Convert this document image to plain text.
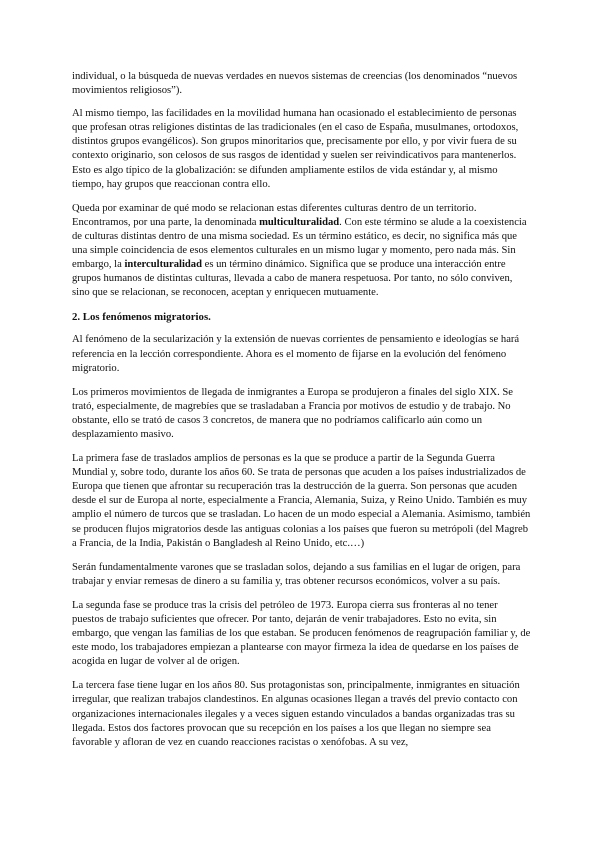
individual, o la búsqueda de nuevas verdades en nuevos sistemas de creencias (los denominados “nuevos movimientos religiosos”).

Al mismo tiempo, las facilidades en la movilidad humana han ocasionado el establecimiento de personas que profesan otras religiones distintas de las tradicionales (en el caso de España, musulmanes, ortodoxos, distintos grupos evangélicos). Son grupos minoritarios que, precisamente por ello, y por vivir fuera de su contexto originario, son celosos de sus rasgos de identidad y suelen ser reivindicativos para mantenerlos. Esto es algo típico de la globalización: se difunden ampliamente estilos de vida estándar y, al mismo tiempo, hay grupos que reaccionan contra ello.

Queda por examinar de qué modo se relacionan estas diferentes culturas dentro de un territorio. Encontramos, por una parte, la denominada multiculturalidad. Con este término se alude a la coexistencia de culturas distintas dentro de una misma sociedad. Es un término estático, es decir, no significa más que una simple coincidencia de esos elementos culturales en un mismo lugar y momento, pero nada más. Sin embargo, la interculturalidad es un término dinámico. Significa que se produce una interacción entre grupos humanos de distintas culturas, llevada a cabo de manera respetuosa. Por tanto, no sólo conviven, sino que se relacionan, se reconocen, aceptan y enriquecen mutuamente.

2. Los fenómenos migratorios.

Al fenómeno de la secularización y la extensión de nuevas corrientes de pensamiento e ideologías se hará referencia en la lección correspondiente. Ahora es el momento de fijarse en la evolución del fenómeno migratorio.

Los primeros movimientos de llegada de inmigrantes a Europa se produjeron a finales del siglo XIX. Se trató, especialmente, de magrebíes que se trasladaban a Francia por motivos de estudio y de trabajo. No obstante, ello se trató de casos 3 concretos, de manera que no podríamos calificarlo aún como un desplazamiento masivo.

La primera fase de traslados amplios de personas es la que se produce a partir de la Segunda Guerra Mundial y, sobre todo, durante los años 60. Se trata de personas que acuden a los países industrializados de Europa que tienen que afrontar su recuperación tras la destrucción de la guerra. Son personas que acuden desde el sur de Europa al norte, especialmente a Francia, Alemania, Suiza, y Reino Unido. También es muy amplio el número de turcos que se trasladan. Lo hacen de un modo especial a Alemania. Asimismo, también se producen flujos migratorios desde las antiguas colonias a los países que fueron su metrópoli (del Magreb a Francia, de la India, Pakistán o Bangladesh al Reino Unido, etc.…)

Serán fundamentalmente varones que se trasladan solos, dejando a sus familias en el lugar de origen, para trabajar y enviar remesas de dinero a su familia y, tras obtener recursos económicos, volver a su país.

La segunda fase se produce tras la crisis del petróleo de 1973. Europa cierra sus fronteras al no tener puestos de trabajo suficientes que ofrecer. Por tanto, dejarán de venir trabajadores. Esto no evita, sin embargo, que vengan las familias de los que estaban. Se producen fenómenos de reagrupación familiar y, de este modo, los trabajadores empiezan a plantearse con mayor firmeza la idea de quedarse en los países de acogida en lugar de volver al de origen.

La tercera fase tiene lugar en los años 80. Sus protagonistas son, principalmente, inmigrantes en situación irregular, que realizan trabajos clandestinos. En algunas ocasiones llegan a través del previo contacto con organizaciones internacionales ilegales y a veces siguen estando vinculados a bandas organizadas tras su llegada. Estos dos factores provocan que su recepción en los países a los que llegan no siempre sea favorable y afloran de vez en cuando reacciones racistas o xenófobas. A su vez,
